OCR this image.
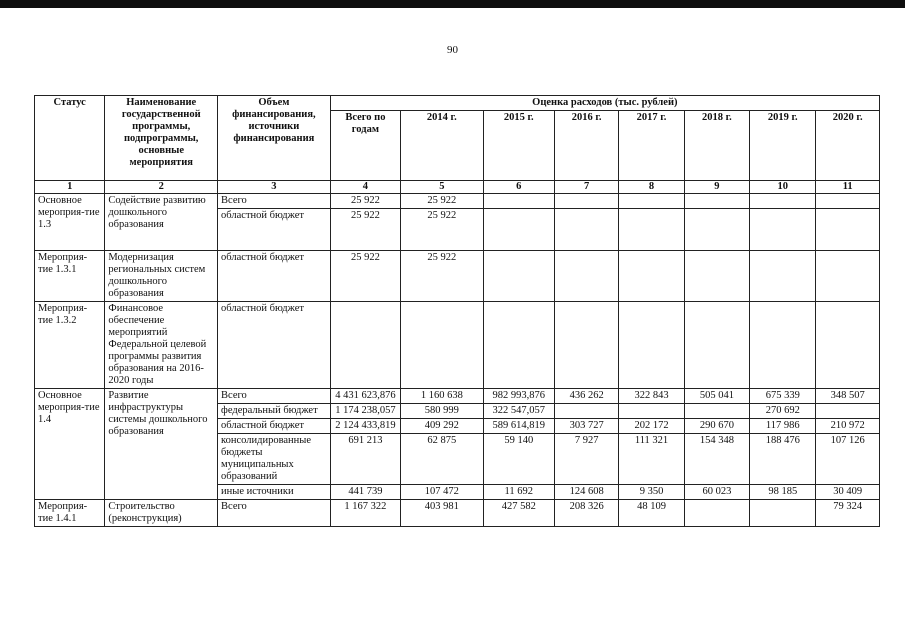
90
Статус	Наименование государственной программы, подпрограммы, основные мероприятия	Объем финансирования, источники финансирования	Оценка расходов (тыс. рублей)							
			Всего по годам	2014 г.	2015 г.	2016 г.	2017 г.	2018 г.	2019 г.	2020 г.
1	2	3	4	5	6	7	8	9	10	11
Основное мероприя-тие 1.3	Содействие развитию дошкольного образования	Всего	25 922	25 922						
		областной бюджет	25 922	25 922						
Мероприя-тие 1.3.1	Модернизация региональных систем дошкольного образования	областной бюджет	25 922	25 922						
Мероприя-тие 1.3.2	Финансовое обеспечение мероприятий Федеральной целевой программы развития образования на 2016-2020 годы	областной бюджет								
Основное мероприя-тие 1.4	Развитие инфраструктуры системы дошкольного образования	Всего	4 431 623,876	1 160 638	982 993,876	436 262	322 843	505 041	675 339	348 507
		федеральный бюджет	1 174 238,057	580 999	322 547,057				270 692	
		областной бюджет	2 124 433,819	409 292	589 614,819	303 727	202 172	290 670	117 986	210 972
		консолидированные бюджеты муниципальных образований	691 213	62 875	59 140	7 927	111 321	154 348	188 476	107 126
		иные источники	441 739	107 472	11 692	124 608	9 350	60 023	98 185	30 409
Мероприя-тие 1.4.1	Строительство (реконструкция)	Всего	1 167 322	403 981	427 582	208 326	48 109			79 324
